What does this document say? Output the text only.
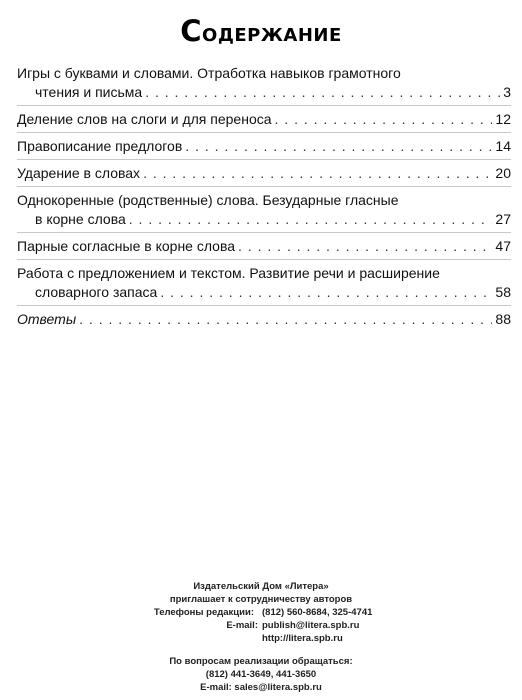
Содержание
Игры с буквами и словами. Отработка навыков грамотного
чтения и письма . . .	3
Деление слов на слоги и для переноса . . .	12
Правописание предлогов . . .	14
Ударение в словах . . .	20
Однокоренные (родственные) слова. Безударные гласные
в корне слова . . .	27
Парные согласные в корне слова . . .	47
Работа с предложением и текстом. Развитие речи и расширение
словарного запаса . . .	58
Ответы . . .	88
Издательский Дом «Литера»
приглашает к сотрудничеству авторов
Телефоны редакции: (812) 560-8684, 325-4741
E-mail: publish@litera.spb.ru
http://litera.spb.ru
По вопросам реализации обращаться:
(812) 441-3649, 441-3650
E-mail: sales@litera.spb.ru
